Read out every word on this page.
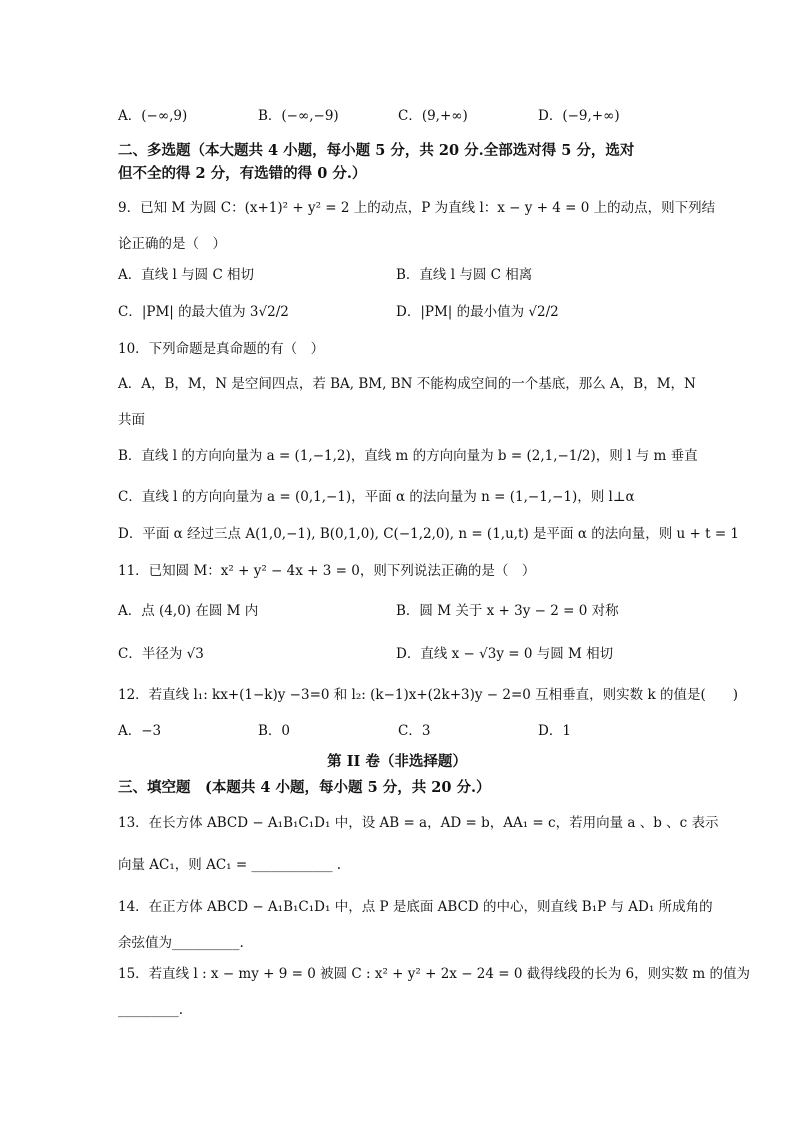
A．(−∞,9)	B．(−∞,−9)	C．(9,+∞)	D．(−9,+∞)
二、多选题（本大题共 4 小题，每小题 5 分，共 20 分.全部选对得 5 分，选对
但不全的得 2 分，有选错的得 0 分.）
9．已知 M 为圆 C：(x+1)² + y² = 2 上的动点，P 为直线 l：x − y + 4 = 0 上的动点，则下列结
论正确的是（　）
A．直线 l 与圆 C 相切	B．直线 l 与圆 C 相离
C．|PM| 的最大值为 3√2/2	D．|PM| 的最小值为 √2/2
10．下列命题是真命题的有（　）
A．A，B，M，N 是空间四点，若 BA, BM, BN 不能构成空间的一个基底，那么 A，B，M，N
共面
B．直线 l 的方向向量为 a = (1,−1,2)，直线 m 的方向向量为 b = (2,1,−1/2)，则 l 与 m 垂直
C．直线 l 的方向向量为 a = (0,1,−1)，平面 α 的法向量为 n = (1,−1,−1)，则 l⊥α
D．平面 α 经过三点 A(1,0,−1), B(0,1,0), C(−1,2,0), n = (1,u,t) 是平面 α 的法向量，则 u + t = 1
11．已知圆 M：x² + y² − 4x + 3 = 0，则下列说法正确的是（　）
A．点 (4,0) 在圆 M 内	B．圆 M 关于 x + 3y − 2 = 0 对称
C．半径为 √3	D．直线 x − √3y = 0 与圆 M 相切
12．若直线 l₁: kx+(1−k)y −3=0 和 l₂: (k−1)x+(2k+3)y − 2=0 互相垂直，则实数 k 的值是(　　)
A．−3	B．0	C．3	D．1
第 II 卷（非选择题）
三、填空题　(本题共 4 小题，每小题 5 分，共 20 分.）
13．在长方体 ABCD − A₁B₁C₁D₁ 中，设 AB = a，AD = b，AA₁ = c，若用向量 a 、b 、c 表示
向量 AC₁，则 AC₁ = ____________ .
14．在正方体 ABCD − A₁B₁C₁D₁ 中，点 P 是底面 ABCD 的中心，则直线 B₁P 与 AD₁ 所成角的
余弦值为__________.
15．若直线 l : x − my + 9 = 0 被圆 C : x² + y² + 2x − 24 = 0 截得线段的长为 6，则实数 m 的值为
_________.
